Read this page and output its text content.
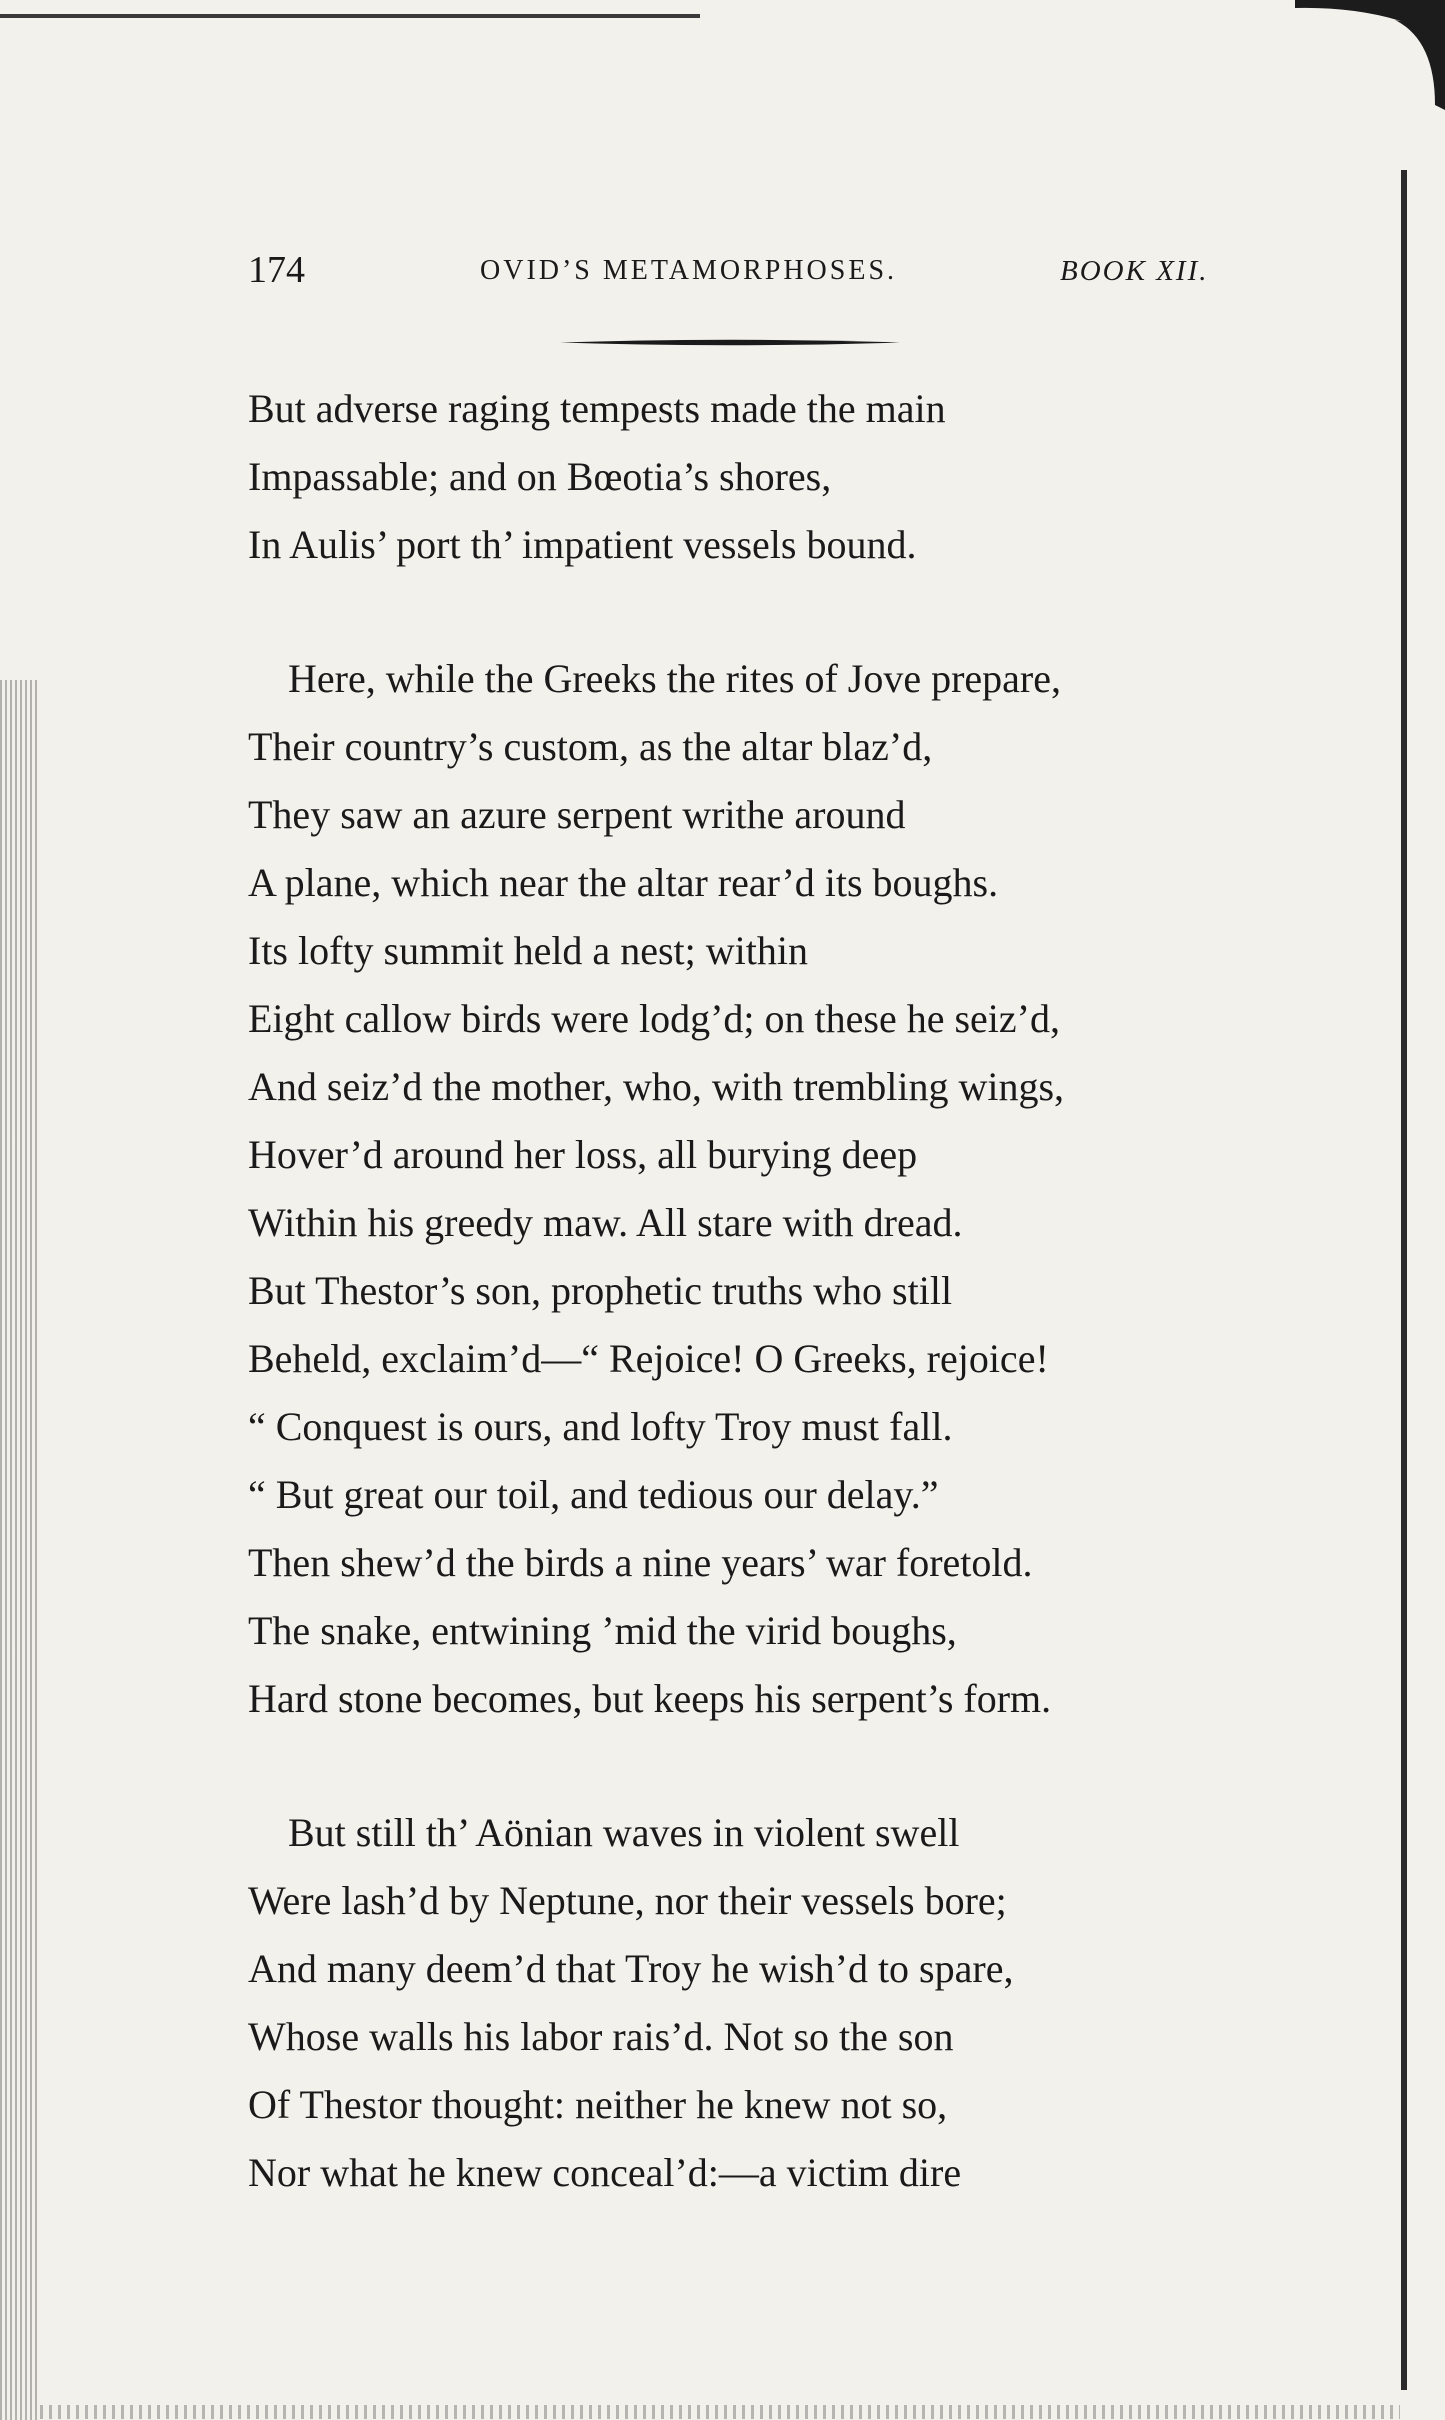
174	OVID’S METAMORPHOSES.	BOOK XII.
But adverse raging tempests made the main
Impassable; and on Bœotia’s shores,
In Aulis’ port th’ impatient vessels bound.
Here, while the Greeks the rites of Jove prepare,
Their country’s custom, as the altar blaz’d,
They saw an azure serpent writhe around
A plane, which near the altar rear’d its boughs.
Its lofty summit held a nest; within
Eight callow birds were lodg’d; on these he seiz’d,
And seiz’d the mother, who, with trembling wings,
Hover’d around her loss, all burying deep
Within his greedy maw. All stare with dread.
But Thestor’s son, prophetic truths who still
Beheld, exclaim’d—“ Rejoice! O Greeks, rejoice!
“ Conquest is ours, and lofty Troy must fall.
“ But great our toil, and tedious our delay.”
Then shew’d the birds a nine years’ war foretold.
The snake, entwining ’mid the virid boughs,
Hard stone becomes, but keeps his serpent’s form.
But still th’ Aönian waves in violent swell
Were lash’d by Neptune, nor their vessels bore;
And many deem’d that Troy he wish’d to spare,
Whose walls his labor rais’d. Not so the son
Of Thestor thought: neither he knew not so,
Nor what he knew conceal’d:—a victim dire
